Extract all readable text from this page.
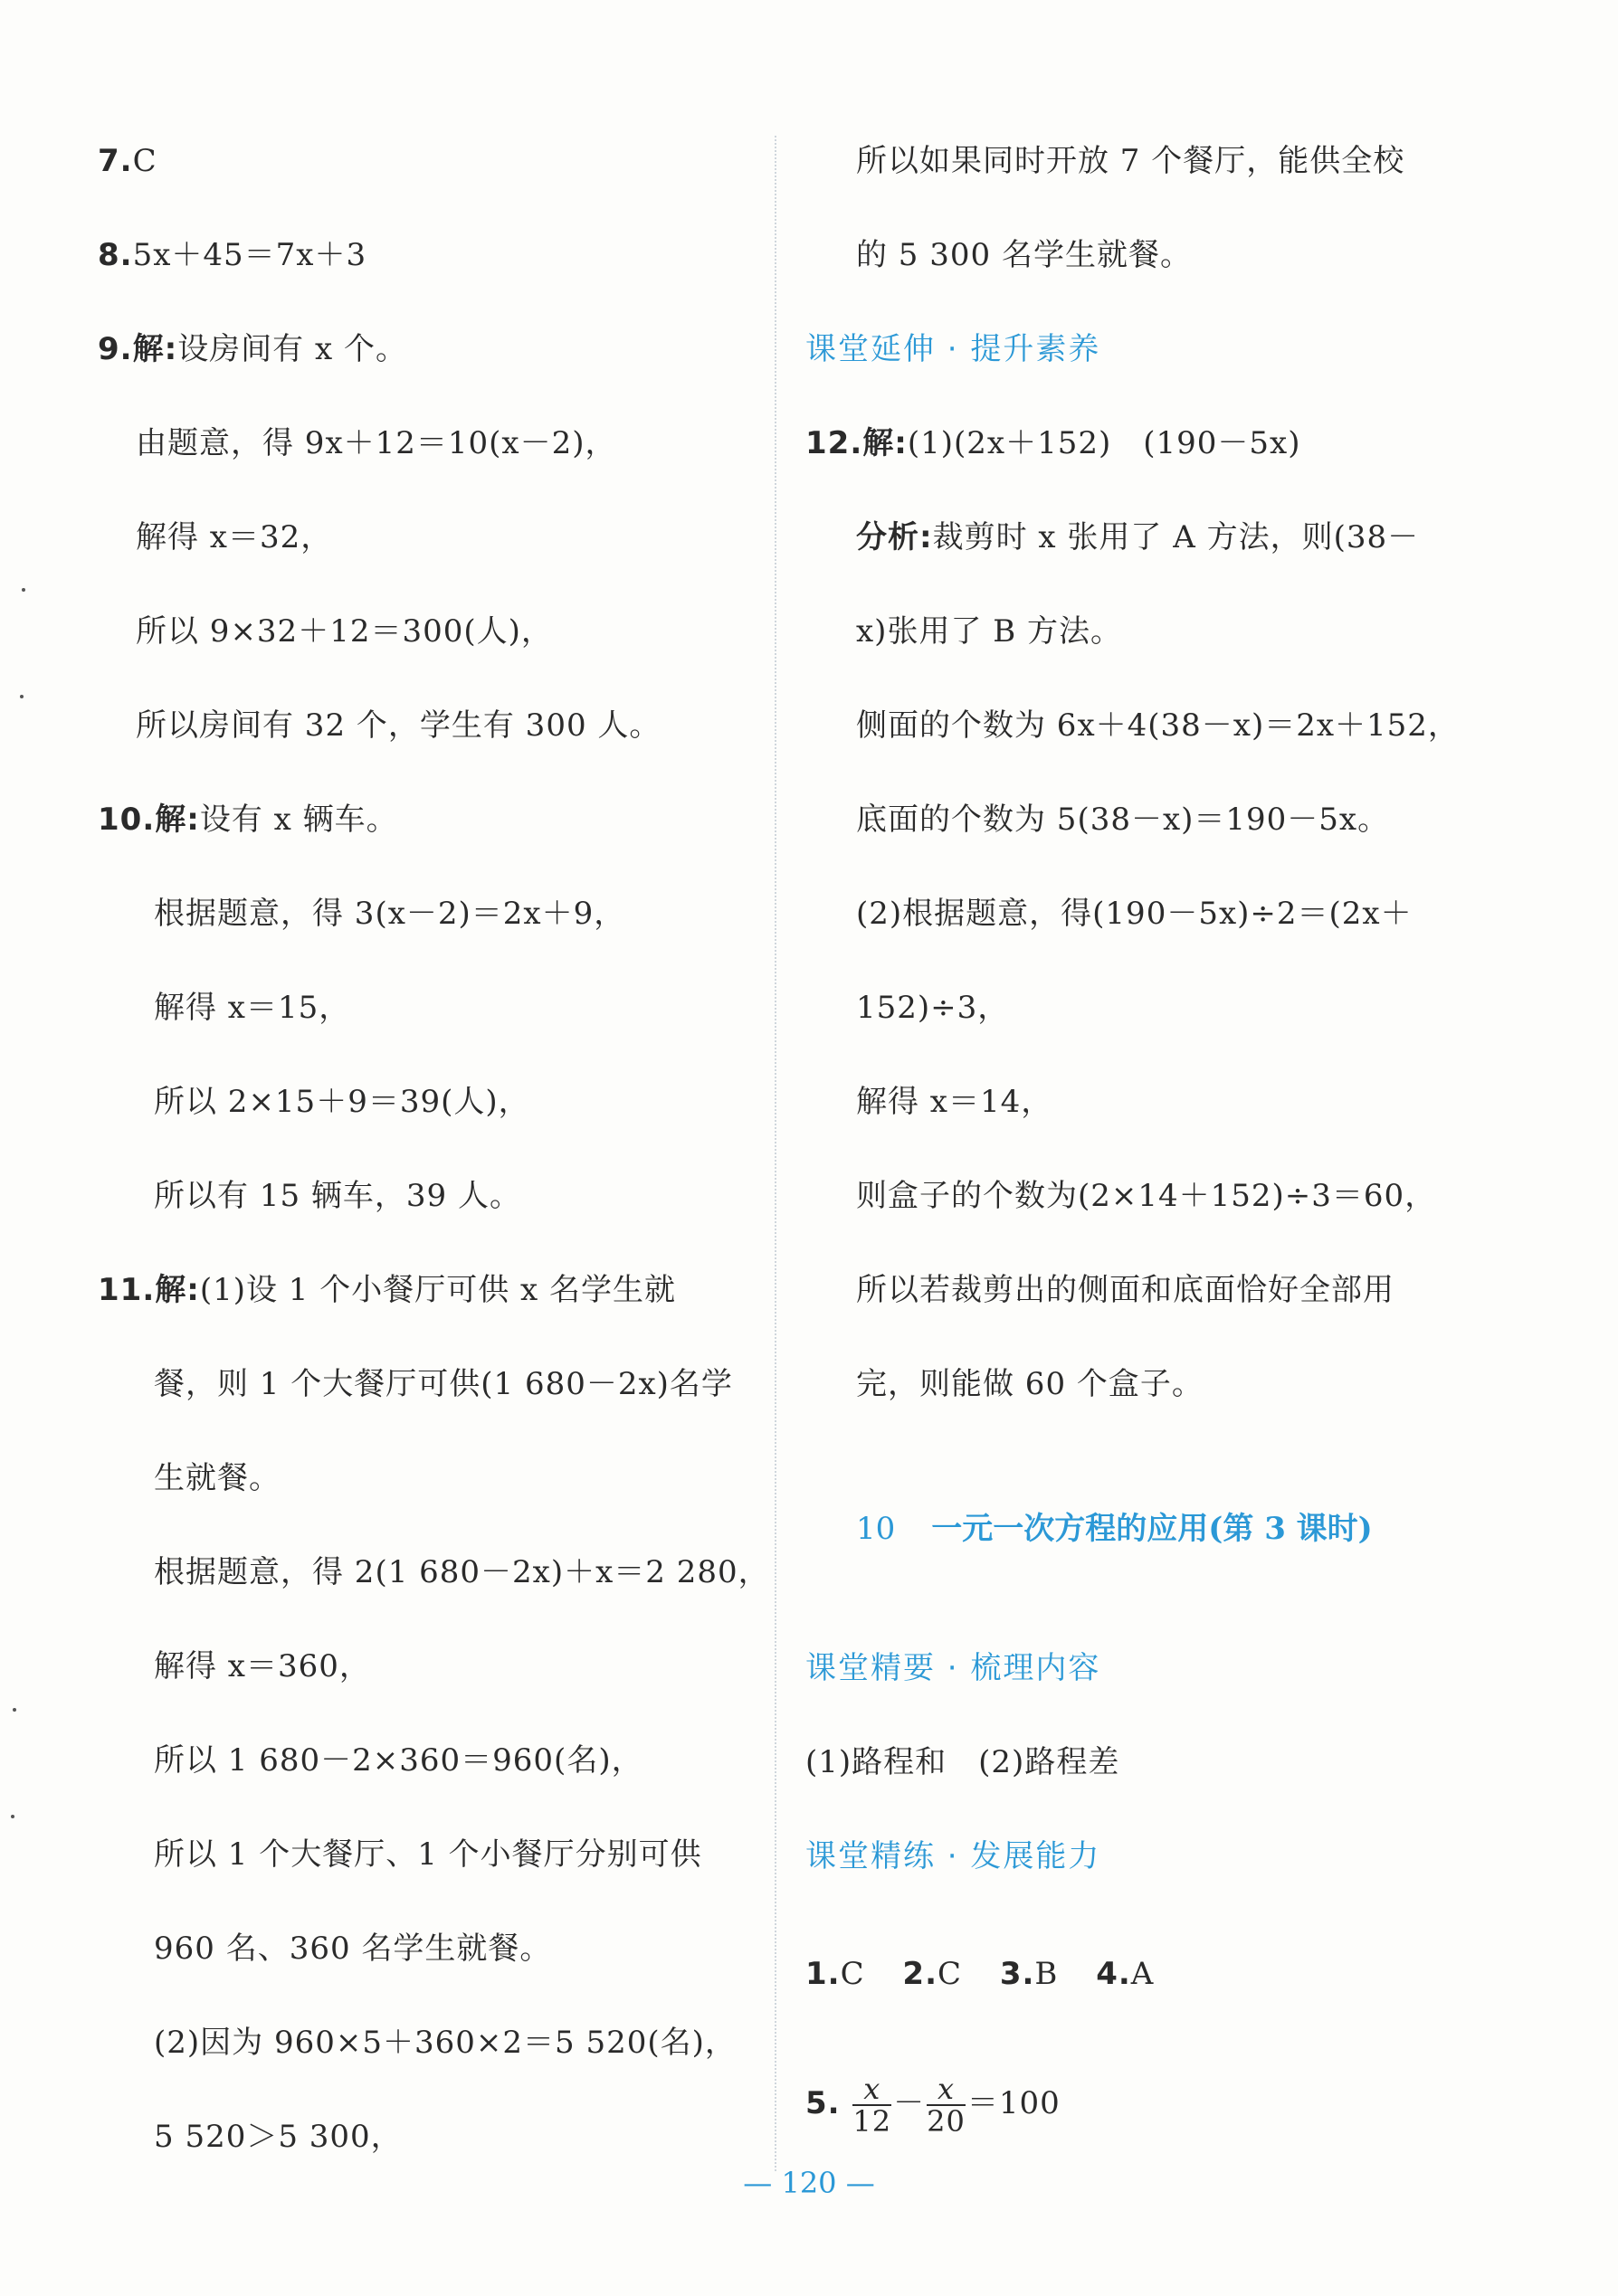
7.C
8.5x＋45＝7x＋3
9.解:设房间有 x 个。
由题意，得 9x＋12＝10(x－2)，
解得 x＝32，
所以 9×32＋12＝300(人)，
所以房间有 32 个，学生有 300 人。
10.解:设有 x 辆车。
根据题意，得 3(x－2)＝2x＋9，
解得 x＝15，
所以 2×15＋9＝39(人)，
所以有 15 辆车，39 人。
11.解:(1)设 1 个小餐厅可供 x 名学生就
餐，则 1 个大餐厅可供(1 680－2x)名学
生就餐。
根据题意，得 2(1 680－2x)＋x＝2 280，
解得 x＝360，
所以 1 680－2×360＝960(名)，
所以 1 个大餐厅、1 个小餐厅分别可供
960 名、360 名学生就餐。
(2)因为 960×5＋360×2＝5 520(名)，
5 520＞5 300，
所以如果同时开放 7 个餐厅，能供全校
的 5 300 名学生就餐。
课堂延伸 · 提升素养
12.解:(1)(2x＋152)　(190－5x)
分析:裁剪时 x 张用了 A 方法，则(38－
x)张用了 B 方法。
侧面的个数为 6x＋4(38－x)＝2x＋152，
底面的个数为 5(38－x)＝190－5x。
(2)根据题意，得(190－5x)÷2＝(2x＋
152)÷3，
解得 x＝14，
则盒子的个数为(2×14＋152)÷3＝60，
所以若裁剪出的侧面和底面恰好全部用
完，则能做 60 个盒子。
10 一元一次方程的应用(第 3 课时)
课堂精要 · 梳理内容
(1)路程和　(2)路程差
课堂精练 · 发展能力
1.C 2.C 3.B 4.A
5. $\frac{x}{12} - \frac{x}{20} =100$
— 120 —
